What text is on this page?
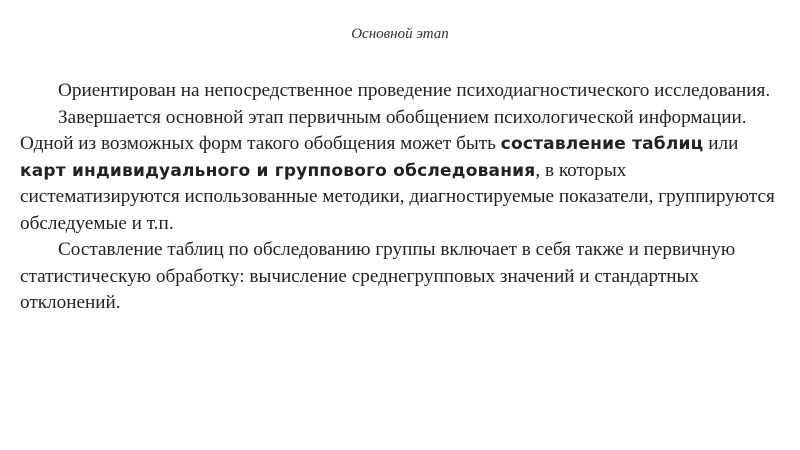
Основной этап

Ориентирован на непосредственное проведение психодиагностического исследования.

Завершается основной этап первичным обобщением психологической информации. Одной из возможных форм такого обобщения может быть составление таблиц или карт индивидуального и группового обследования, в которых систематизируются использованные методики, диагностируемые показатели, группируются обследуемые и т.п.

Составление таблиц по обследованию группы включает в себя также и первичную статистическую обработку: вычисление среднегрупповых значений и стандартных отклонений.
